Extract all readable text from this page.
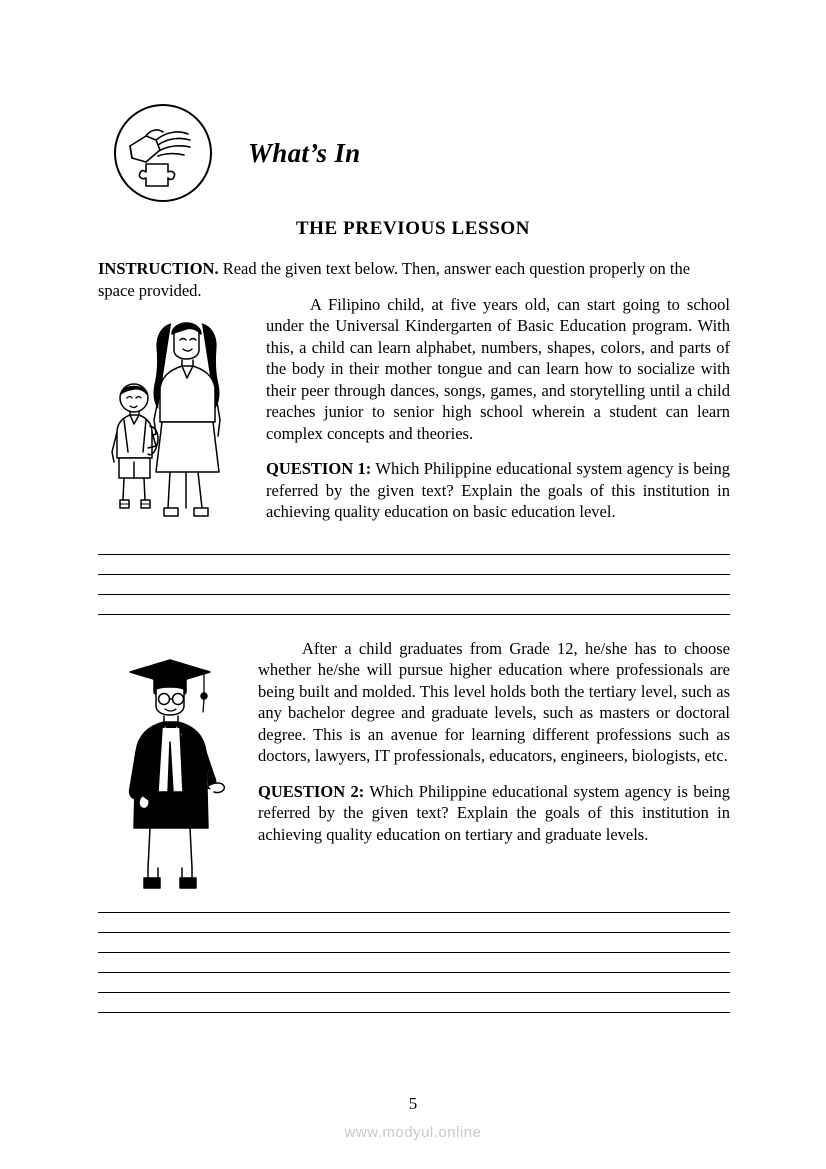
What’s In
THE PREVIOUS LESSON
INSTRUCTION. Read the given text below. Then, answer each question properly on the space provided.

A Filipino child, at five years old, can start going to school under the Universal Kindergarten of Basic Education program. With this, a child can learn alphabet, numbers, shapes, colors, and parts of the body in their mother tongue and can learn how to socialize with their peer through dances, songs, games, and storytelling until a child reaches junior to senior high school wherein a student can learn complex concepts and theories.

QUESTION 1: Which Philippine educational system agency is being referred by the given text? Explain the goals of this institution in achieving quality education on basic education level.

After a child graduates from Grade 12, he/she has to choose whether he/she will pursue higher education where professionals are being built and molded. This level holds both the tertiary level, such as any bachelor degree and graduate levels, such as masters or doctoral degree. This is an avenue for learning different professions such as doctors, lawyers, IT professionals, educators, engineers, biologists, etc.

QUESTION 2: Which Philippine educational system agency is being referred by the given text? Explain the goals of this institution in achieving quality education on tertiary and graduate levels.

5
www.modyul.online
